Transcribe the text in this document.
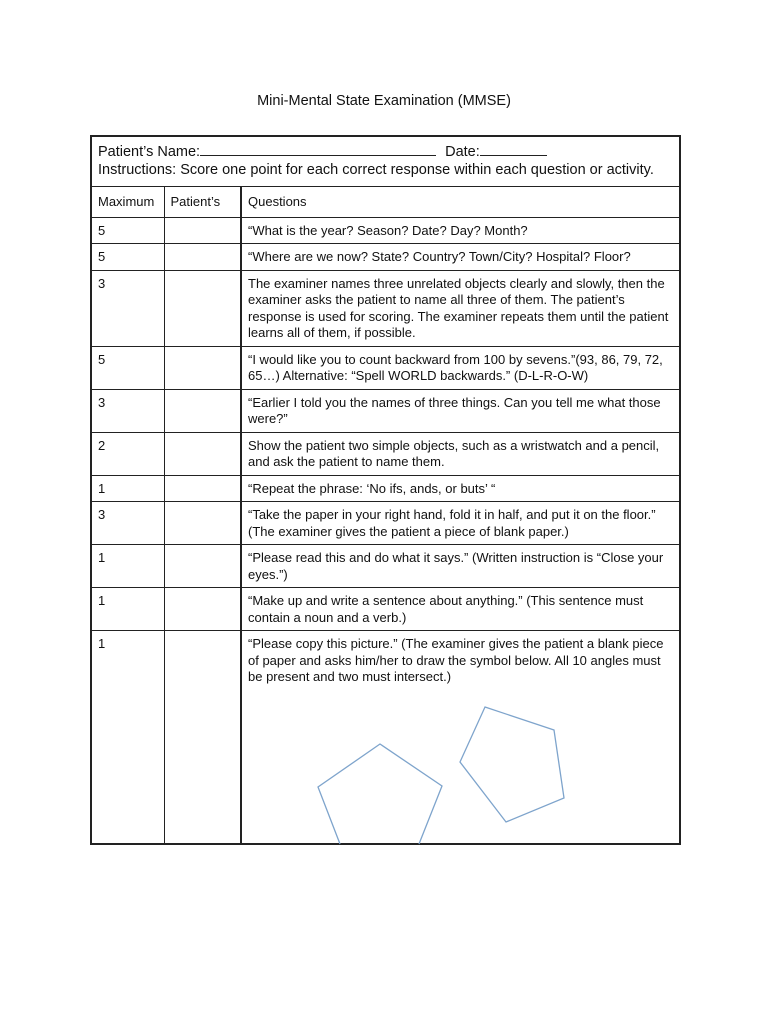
Mini-Mental State Examination (MMSE)
Patient’s Name: Date:
Instructions: Score one point for each correct response within each question or activity.		

Maximum	Patient’s	Questions
5		“What is the year? Season? Date? Day? Month?
5		“Where are we now? State? Country? Town/City? Hospital? Floor?
3		The examiner names three unrelated objects clearly and slowly, then the examiner asks the patient to name all three of them. The patient’s response is used for scoring. The examiner repeats them until the patient learns all of them, if possible.
5		“I would like you to count backward from 100 by sevens.”(93, 86, 79, 72, 65…) Alternative: “Spell WORLD backwards.” (D-L-R-O-W)
3		“Earlier I told you the names of three things. Can you tell me what those were?”
2		Show the patient two simple objects, such as a wristwatch and a pencil, and ask the patient to name them.
1		“Repeat the phrase: ‘No ifs, ands, or buts’ “
3		“Take the paper in your right hand, fold it in half, and put it on the floor.” (The examiner gives the patient a piece of blank paper.)
1		“Please read this and do what it says.” (Written instruction is “Close your eyes.”)
1		“Make up and write a sentence about anything.” (This sentence must contain a noun and a verb.)
1		“Please copy this picture.” (The examiner gives the patient a blank piece of paper and asks him/her to draw the symbol below. All 10 angles must be present and two must intersect.)
